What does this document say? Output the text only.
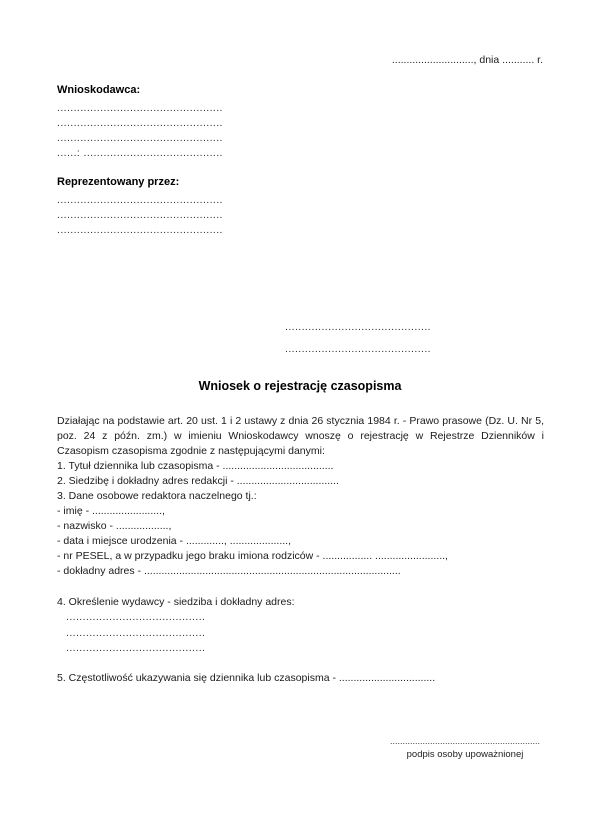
............................, dnia ........... r.
Wnioskodawca:
..................................................
..................................................
..................................................
......: ..........................................
Reprezentowany przez:
..................................................
..................................................
..................................................
............................................
............................................
Wniosek o rejestrację czasopisma

Działając na podstawie art. 20 ust. 1 i 2 ustawy z dnia 26 stycznia 1984 r. - Prawo prasowe (Dz. U. Nr 5, poz. 24 z późn. zm.) w imieniu Wnioskodawcy wnoszę o rejestrację w Rejestrze Dzienników i Czasopism czasopisma zgodnie z następującymi danymi:

1. Tytuł dziennika lub czasopisma - ......................................
2. Siedzibę i dokładny adres redakcji - ...................................
3. Dane osobowe redaktora naczelnego tj.:
- imię - ........................,
- nazwisko - ..................,
- data i miejsce urodzenia - ............., ....................,
- nr PESEL, a w przypadku jego braku imiona rodziców - ................. ........................,
- dokładny adres - ........................................................................................
4. Określenie wydawcy - siedziba i dokładny adres:
..........................................
..........................................
..........................................
5. Częstotliwość ukazywania się dziennika lub czasopisma - .................................
............................................................
podpis osoby upoważnionej
